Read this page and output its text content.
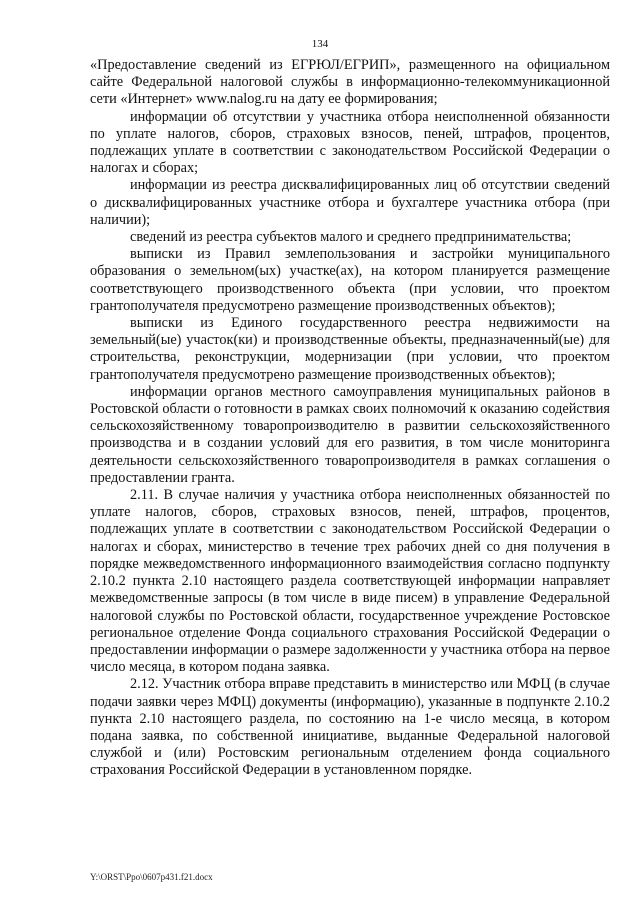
134

«Предоставление сведений из ЕГРЮЛ/ЕГРИП», размещенного на официальном сайте Федеральной налоговой службы в информационно-телекоммуникационной сети «Интернет» www.nalog.ru на дату ее формирования;

информации об отсутствии у участника отбора неисполненной обязанности по уплате налогов, сборов, страховых взносов, пеней, штрафов, процентов, подлежащих уплате в соответствии с законодательством Российской Федерации о налогах и сборах;

информации из реестра дисквалифицированных лиц об отсутствии сведений о дисквалифицированных участнике отбора и бухгалтере участника отбора (при наличии);

сведений из реестра субъектов малого и среднего предпринимательства;

выписки из Правил землепользования и застройки муниципального образования о земельном(ых) участке(ах), на котором планируется размещение соответствующего производственного объекта (при условии, что проектом грантополучателя предусмотрено размещение производственных объектов);

выписки из Единого государственного реестра недвижимости на земельный(ые) участок(ки) и производственные объекты, предназначенный(ые) для строительства, реконструкции, модернизации (при условии, что проектом грантополучателя предусмотрено размещение производственных объектов);

информации органов местного самоуправления муниципальных районов в Ростовской области о готовности в рамках своих полномочий к оказанию содействия сельскохозяйственному товаропроизводителю в развитии сельскохозяйственного производства и в создании условий для его развития, в том числе мониторинга деятельности сельскохозяйственного товаропроизводителя в рамках соглашения о предоставлении гранта.

2.11. В случае наличия у участника отбора неисполненных обязанностей по уплате налогов, сборов, страховых взносов, пеней, штрафов, процентов, подлежащих уплате в соответствии с законодательством Российской Федерации о налогах и сборах, министерство в течение трех рабочих дней со дня получения в порядке межведомственного информационного взаимодействия согласно подпункту 2.10.2 пункта 2.10 настоящего раздела соответствующей информации направляет межведомственные запросы (в том числе в виде писем) в управление Федеральной налоговой службы по Ростовской области, государственное учреждение Ростовское региональное отделение Фонда социального страхования Российской Федерации о предоставлении информации о размере задолженности у участника отбора на первое число месяца, в котором подана заявка.

2.12. Участник отбора вправе представить в министерство или МФЦ (в случае подачи заявки через МФЦ) документы (информацию), указанные в подпункте 2.10.2 пункта 2.10 настоящего раздела, по состоянию на 1-е число месяца, в котором подана заявка, по собственной инициативе, выданные Федеральной налоговой службой и (или) Ростовским региональным отделением фонда социального страхования Российской Федерации в установленном порядке.

Y:\ORST\Ppo\0607p431.f21.docx
